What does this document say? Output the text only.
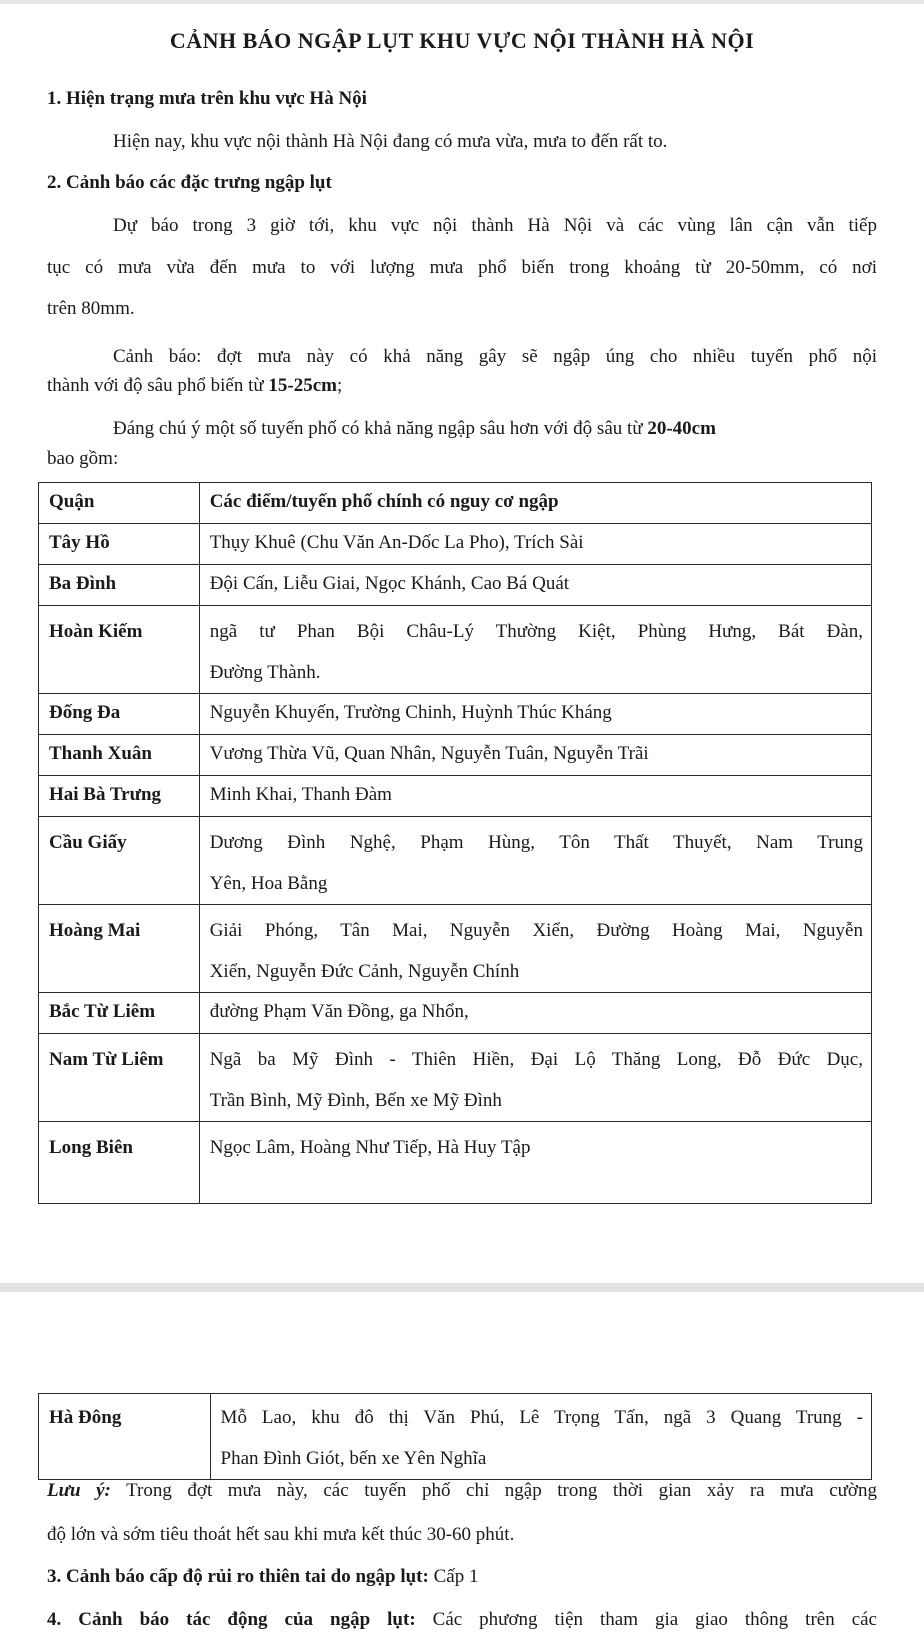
CẢNH BÁO NGẬP LỤT KHU VỰC NỘI THÀNH HÀ NỘI
1. Hiện trạng mưa trên khu vực Hà Nội
Hiện nay, khu vực nội thành Hà Nội đang có mưa vừa, mưa to đến rất to.
2. Cảnh báo các đặc trưng ngập lụt
Dự báo trong 3 giờ tới, khu vực nội thành Hà Nội và các vùng lân cận vẫn tiếp
tục có mưa vừa đến mưa to với lượng mưa phổ biến trong khoảng từ 20-50mm, có nơi
trên 80mm.
Cảnh báo: đợt mưa này có khả năng gây sẽ ngập úng cho nhiều tuyến phố nội
thành với độ sâu phổ biến từ 15-25cm;
Đáng chú ý một số tuyến phố có khả năng ngập sâu hơn với độ sâu từ 20-40cm
bao gồm:
Quận	Các điểm/tuyến phố chính có nguy cơ ngập
Tây Hồ	Thụy Khuê (Chu Văn An-Dốc La Pho), Trích Sài
Ba Đình	Đội Cấn, Liễu Giai, Ngọc Khánh, Cao Bá Quát
Hoàn Kiếm	ngã tư Phan Bội Châu-Lý Thường Kiệt, Phùng Hưng, Bát Đàn,
Đường Thành.

Đống Đa	Nguyễn Khuyến, Trường Chinh, Huỳnh Thúc Kháng
Thanh Xuân	Vương Thừa Vũ, Quan Nhân, Nguyễn Tuân, Nguyễn Trãi
Hai Bà Trưng	Minh Khai, Thanh Đàm
Cầu Giấy	Dương Đình Nghệ, Phạm Hùng, Tôn Thất Thuyết, Nam Trung
Yên, Hoa Bằng

Hoàng Mai	Giải Phóng, Tân Mai, Nguyễn Xiển, Đường Hoàng Mai, Nguyễn
Xiển, Nguyễn Đức Cảnh, Nguyễn Chính

Bắc Từ Liêm	đường Phạm Văn Đồng, ga Nhổn,
Nam Từ Liêm	Ngã ba Mỹ Đình - Thiên Hiền, Đại Lộ Thăng Long, Đỗ Đức Dục,
Trần Bình, Mỹ Đình, Bến xe Mỹ Đình

Long Biên	Ngọc Lâm, Hoàng Như Tiếp, Hà Huy Tập
Hà Đông	Mỗ Lao, khu đô thị Văn Phú, Lê Trọng Tấn, ngã 3 Quang Trung -
Phan Đình Giót, bến xe Yên Nghĩa
Lưu ý: Trong đợt mưa này, các tuyến phố chỉ ngập trong thời gian xảy ra mưa cường
độ lớn và sớm tiêu thoát hết sau khi mưa kết thúc 30-60 phút.
3. Cảnh báo cấp độ rủi ro thiên tai do ngập lụt: Cấp 1
4. Cảnh báo tác động của ngập lụt: Các phương tiện tham gia giao thông trên các
